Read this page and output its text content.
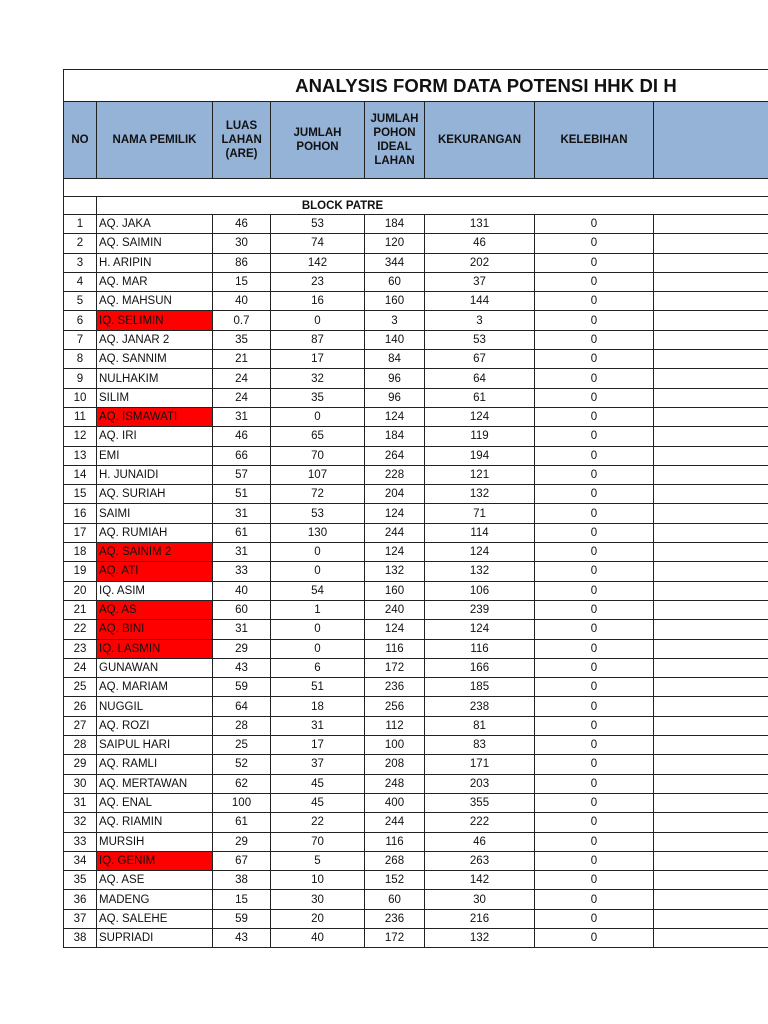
ANALYSIS FORM DATA POTENSI HHK DI H							
NO	NAMA PEMILIK	LUAS LAHAN (ARE)	JUMLAH POHON	JUMLAH POHON IDEAL LAHAN	KEKURANGAN	KELEBIHAN	

	BLOCK PATRE						
1	AQ. JAKA	46	53	184	131	0	
2	AQ. SAIMIN	30	74	120	46	0	
3	H. ARIPIN	86	142	344	202	0	
4	AQ. MAR	15	23	60	37	0	
5	AQ. MAHSUN	40	16	160	144	0	
6	IQ. SELIMIN	0.7	0	3	3	0	
7	AQ. JANAR 2	35	87	140	53	0	
8	AQ. SANNIM	21	17	84	67	0	
9	NULHAKIM	24	32	96	64	0	
10	SILIM	24	35	96	61	0	
11	AQ. ISMAWATI	31	0	124	124	0	
12	AQ. IRI	46	65	184	119	0	
13	EMI	66	70	264	194	0	
14	H. JUNAIDI	57	107	228	121	0	
15	AQ. SURIAH	51	72	204	132	0	
16	SAIMI	31	53	124	71	0	
17	AQ. RUMIAH	61	130	244	114	0	
18	AQ. SAINIM 2	31	0	124	124	0	
19	AQ. ATI	33	0	132	132	0	
20	IQ. ASIM	40	54	160	106	0	
21	AQ. AS	60	1	240	239	0	
22	AQ. BINI	31	0	124	124	0	
23	IQ. LASMIN	29	0	116	116	0	
24	GUNAWAN	43	6	172	166	0	
25	AQ. MARIAM	59	51	236	185	0	
26	NUGGIL	64	18	256	238	0	
27	AQ. ROZI	28	31	112	81	0	
28	SAIPUL HARI	25	17	100	83	0	
29	AQ. RAMLI	52	37	208	171	0	
30	AQ. MERTAWAN	62	45	248	203	0	
31	AQ. ENAL	100	45	400	355	0	
32	AQ. RIAMIN	61	22	244	222	0	
33	MURSIH	29	70	116	46	0	
34	IQ. GENIM	67	5	268	263	0	
35	AQ. ASE	38	10	152	142	0	
36	MADENG	15	30	60	30	0	
37	AQ. SALEHE	59	20	236	216	0	
38	SUPRIADI	43	40	172	132	0	
